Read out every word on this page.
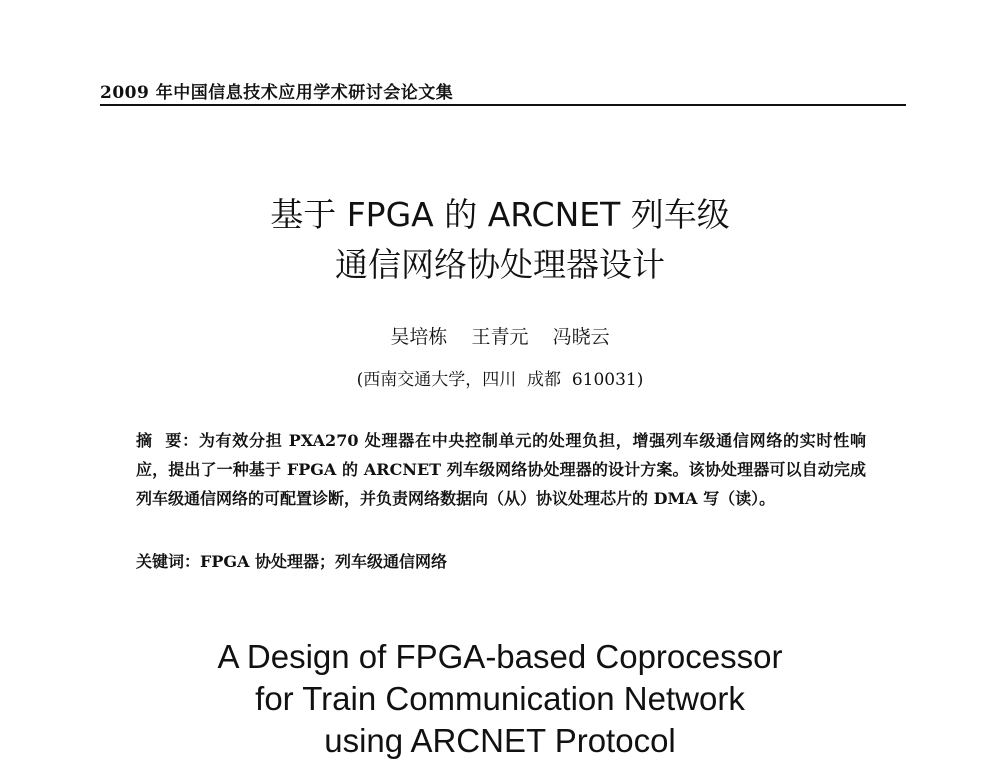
2009 年中国信息技术应用学术研讨会论文集
基于 FPGA 的 ARCNET 列车级
通信网络协处理器设计
吴培栋    王青元    冯晓云
(西南交通大学，四川  成都  610031)
摘  要：为有效分担 PXA270 处理器在中央控制单元的处理负担，增强列车级通信网络的实时性响应，提出了一种基于 FPGA 的 ARCNET 列车级网络协处理器的设计方案。该协处理器可以自动完成列车级通信网络的可配置诊断，并负责网络数据向（从）协议处理芯片的 DMA 写（读）。
关键词：FPGA 协处理器；列车级通信网络
A Design of FPGA-based Coprocessor
for Train Communication Network
using ARCNET Protocol
